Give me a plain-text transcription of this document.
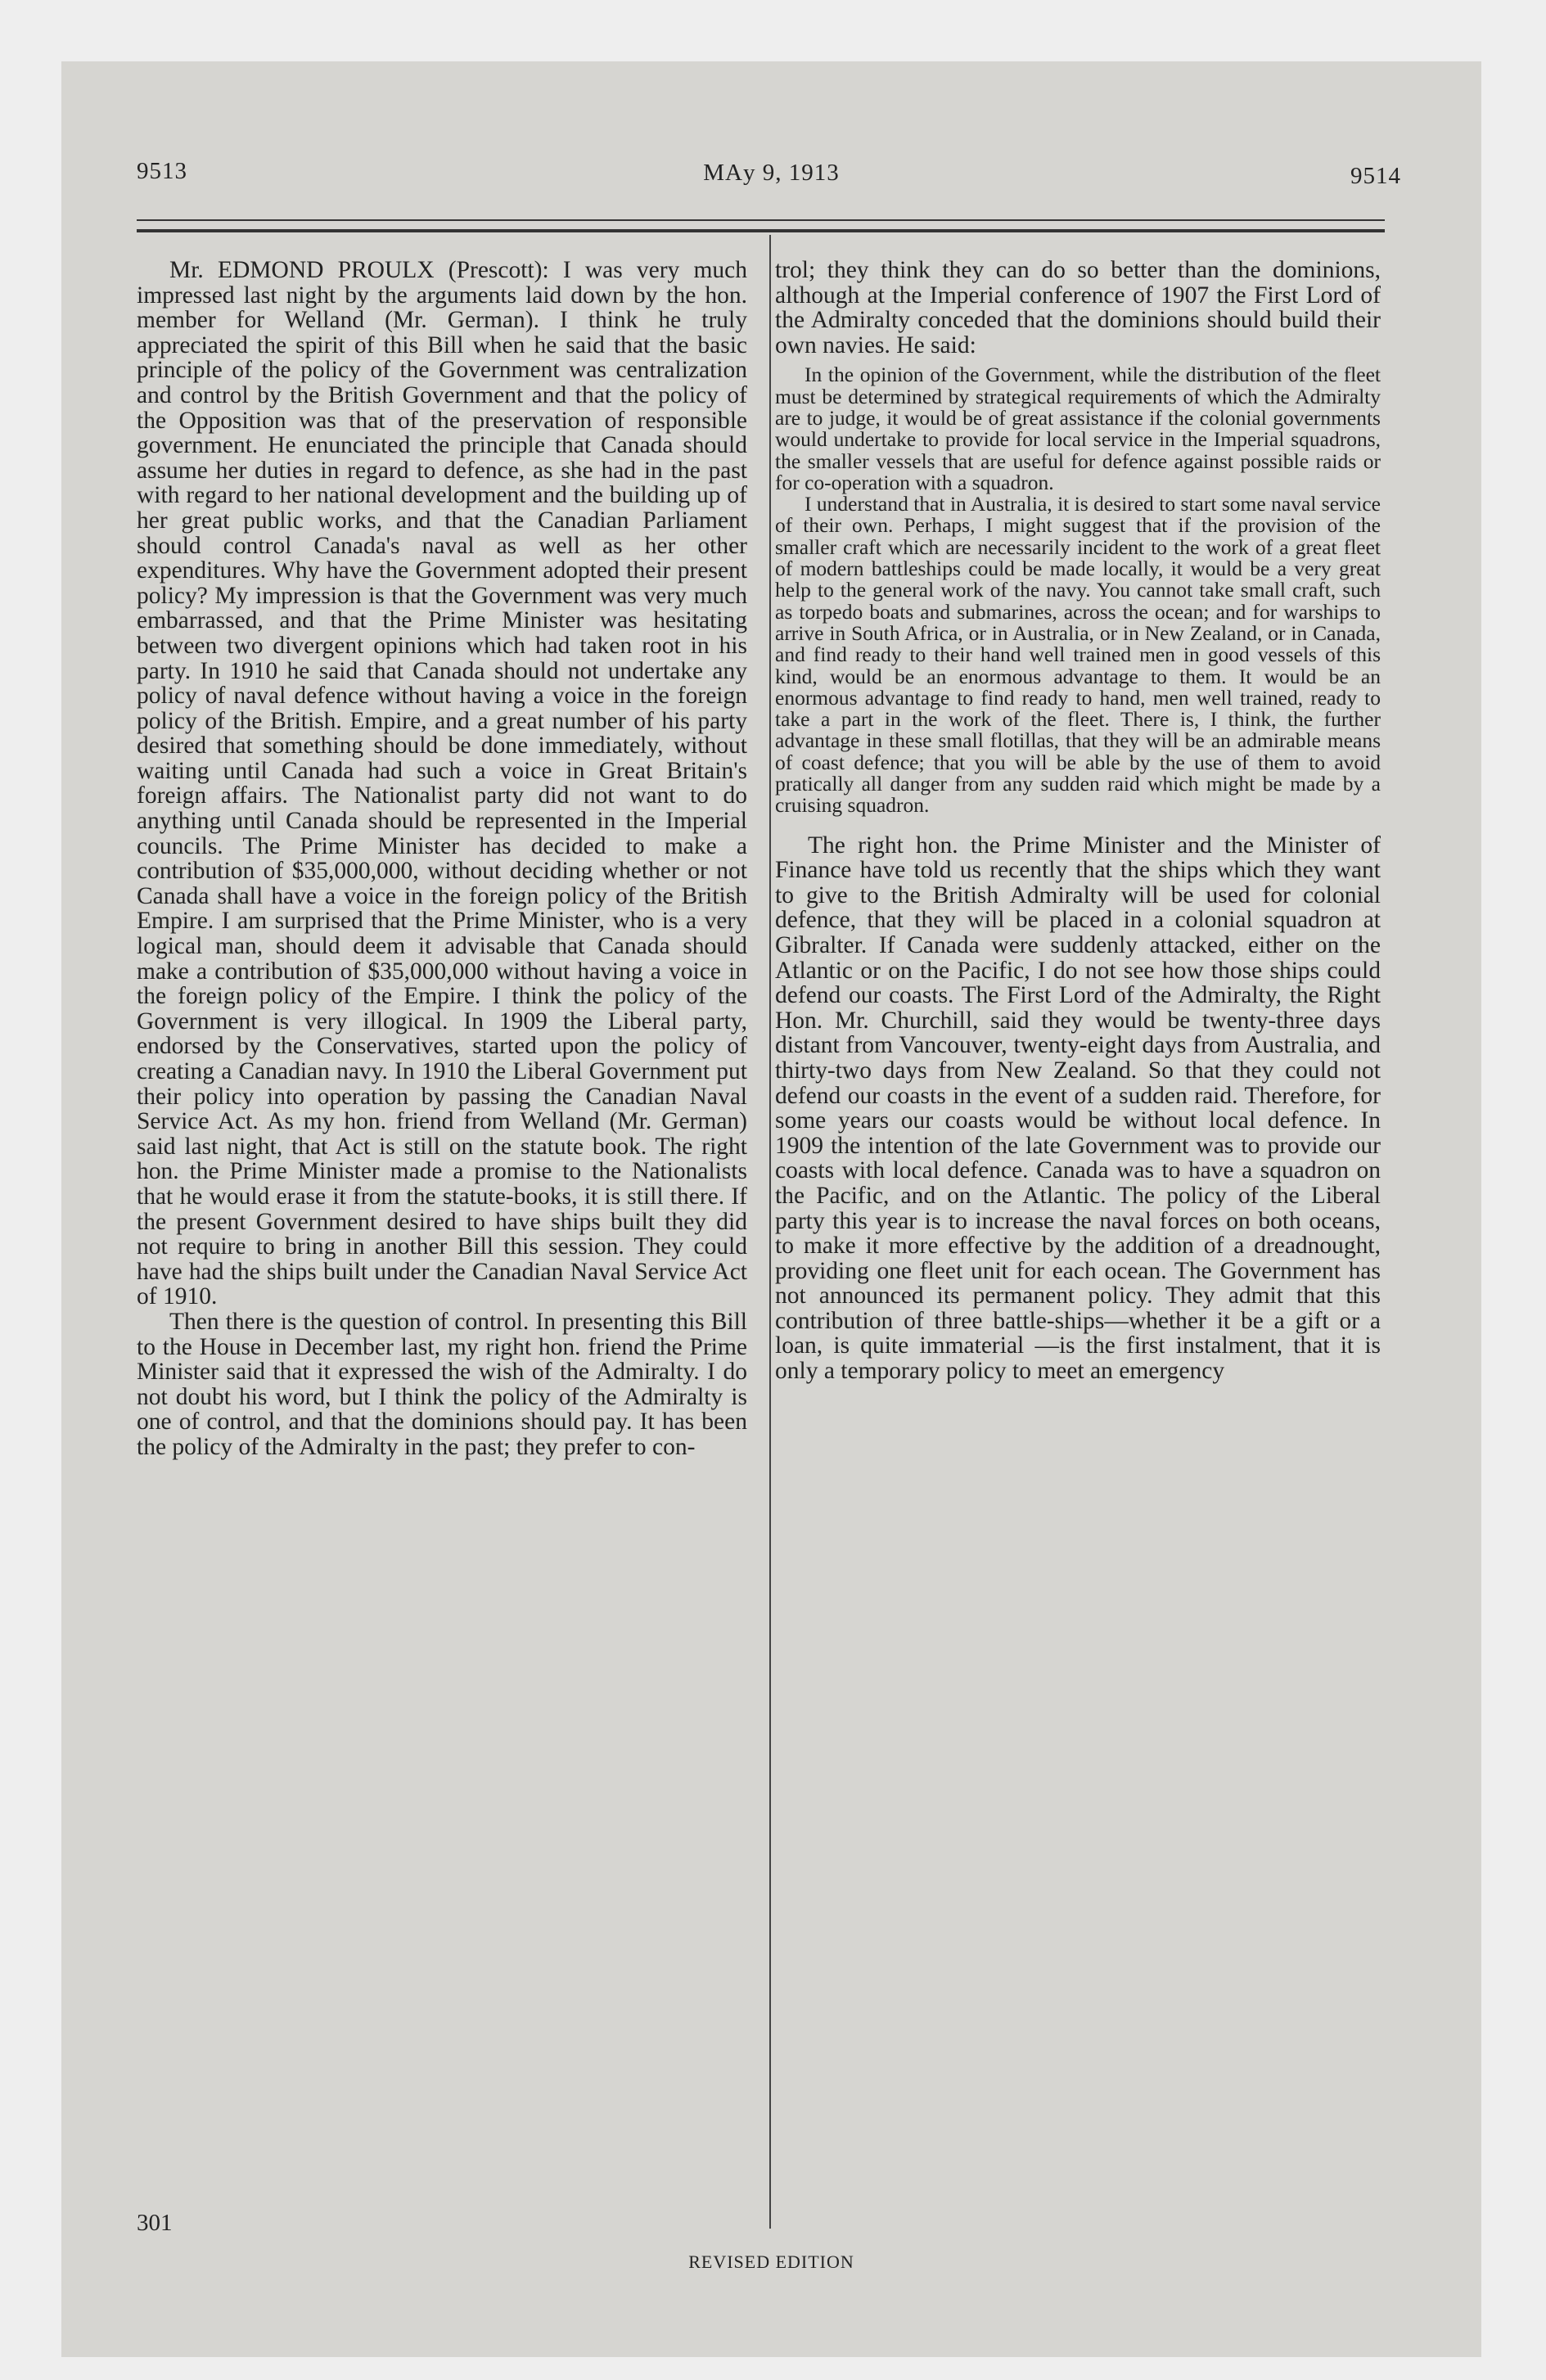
9513	MAу 9, 1913	9514

Mr. EDMOND PROULX (Prescott): I was very much impressed last night by the arguments laid down by the hon. member for Welland (Mr. German). I think he truly appreciated the spirit of this Bill when he said that the basic principle of the policy of the Government was centralization and control by the British Government and that the policy of the Opposition was that of the preservation of responsible government. He enunciated the principle that Canada should assume her duties in regard to defence, as she had in the past with regard to her national development and the building up of her great public works, and that the Canadian Parliament should control Canada's naval as well as her other expenditures. Why have the Government adopted their present policy? My impression is that the Government was very much embarrassed, and that the Prime Minister was hesitating between two divergent opinions which had taken root in his party. In 1910 he said that Canada should not undertake any policy of naval defence without having a voice in the foreign policy of the British. Empire, and a great number of his party desired that something should be done immediately, without waiting until Canada had such a voice in Great Britain's foreign affairs. The Nationalist party did not want to do anything until Canada should be represented in the Imperial councils. The Prime Minister has decided to make a contribution of $35,000,000, without deciding whether or not Canada shall have a voice in the foreign policy of the British Empire. I am surprised that the Prime Minister, who is a very logical man, should deem it advisable that Canada should make a contribution of $35,000,000 without having a voice in the foreign policy of the Empire. I think the policy of the Government is very illogical. In 1909 the Liberal party, endorsed by the Conservatives, started upon the policy of creating a Canadian navy. In 1910 the Liberal Government put their policy into operation by passing the Canadian Naval Service Act. As my hon. friend from Welland (Mr. German) said last night, that Act is still on the statute book. The right hon. the Prime Minister made a promise to the Nationalists that he would erase it from the statute-books, it is still there. If the present Government desired to have ships built they did not require to bring in another Bill this session. They could have had the ships built under the Canadian Naval Service Act of 1910.

Then there is the question of control. In presenting this Bill to the House in December last, my right hon. friend the Prime Minister said that it expressed the wish of the Admiralty. I do not doubt his word, but I think the policy of the Admiralty is one of control, and that the dominions should pay. It has been the policy of the Admiralty in the past; they prefer to con-

trol; they think they can do so better than the dominions, although at the Imperial conference of 1907 the First Lord of the Admiralty conceded that the dominions should build their own navies. He said:

In the opinion of the Government, while the distribution of the fleet must be determined by strategical requirements of which the Admiralty are to judge, it would be of great assistance if the colonial governments would undertake to provide for local service in the Imperial squadrons, the smaller vessels that are useful for defence against possible raids or for co-operation with a squadron.

I understand that in Australia, it is desired to start some naval service of their own. Perhaps, I might suggest that if the provision of the smaller craft which are necessarily incident to the work of a great fleet of modern battleships could be made locally, it would be a very great help to the general work of the navy. You cannot take small craft, such as torpedo boats and submarines, across the ocean; and for warships to arrive in South Africa, or in Australia, or in New Zealand, or in Canada, and find ready to their hand well trained men in good vessels of this kind, would be an enormous advantage to them. It would be an enormous advantage to find ready to hand, men well trained, ready to take a part in the work of the fleet. There is, I think, the further advantage in these small flotillas, that they will be an admirable means of coast defence; that you will be able by the use of them to avoid pratically all danger from any sudden raid which might be made by a cruising squadron.

The right hon. the Prime Minister and the Minister of Finance have told us recently that the ships which they want to give to the British Admiralty will be used for colonial defence, that they will be placed in a colonial squadron at Gibralter. If Canada were suddenly attacked, either on the Atlantic or on the Pacific, I do not see how those ships could defend our coasts. The First Lord of the Admiralty, the Right Hon. Mr. Churchill, said they would be twenty-three days distant from Vancouver, twenty-eight days from Australia, and thirty-two days from New Zealand. So that they could not defend our coasts in the event of a sudden raid. Therefore, for some years our coasts would be without local defence. In 1909 the intention of the late Government was to provide our coasts with local defence. Canada was to have a squadron on the Pacific, and on the Atlantic. The policy of the Liberal party this year is to increase the naval forces on both oceans, to make it more effective by the addition of a dreadnought, providing one fleet unit for each ocean. The Government has not announced its permanent policy. They admit that this contribution of three battle-ships—whether it be a gift or a loan, is quite immaterial —is the first instalment, that it is only a temporary policy to meet an emergency

301
REVISED EDITION
